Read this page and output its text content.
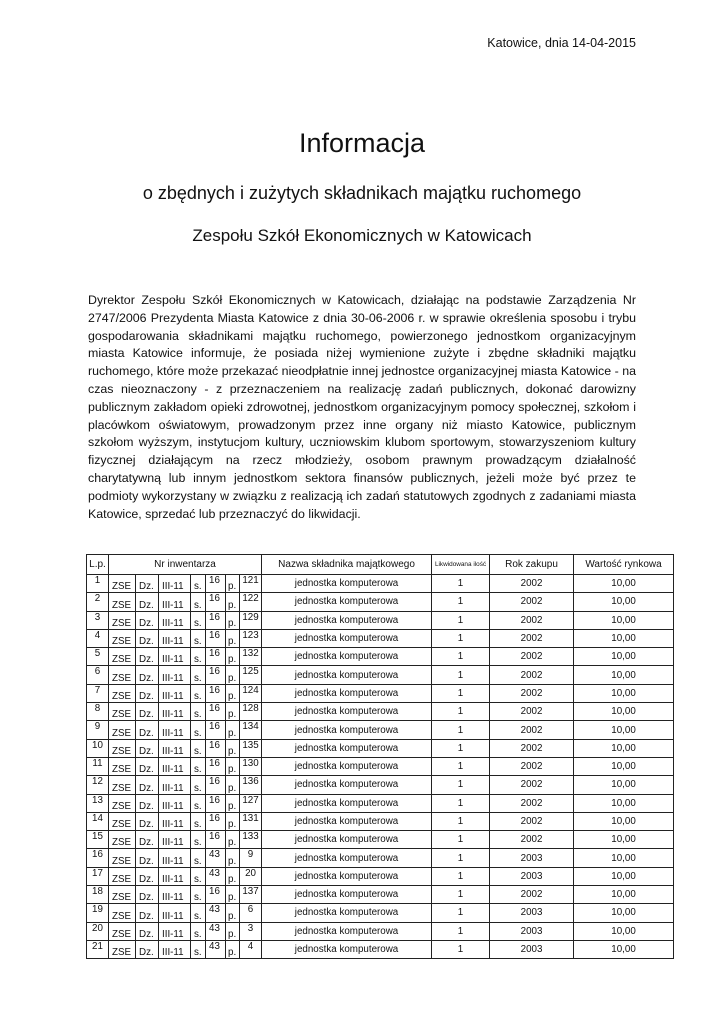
Katowice, dnia 14-04-2015
Informacja
o zbędnych i zużytych składnikach majątku ruchomego
Zespołu Szkół Ekonomicznych w Katowicach
Dyrektor Zespołu Szkół Ekonomicznych w Katowicach, działając na podstawie Zarządzenia Nr 2747/2006 Prezydenta Miasta Katowice z dnia 30-06-2006 r. w sprawie określenia sposobu i trybu gospodarowania składnikami majątku ruchomego, powierzonego jednostkom organizacyjnym miasta Katowice informuje, że posiada niżej wymienione zużyte i zbędne składniki majątku ruchomego, które może przekazać nieodpłatnie innej jednostce organizacyjnej miasta Katowice - na czas nieoznaczony - z przeznaczeniem na realizację zadań publicznych, dokonać darowizny publicznym zakładom opieki zdrowotnej, jednostkom organizacyjnym pomocy społecznej, szkołom i placówkom oświatowym, prowadzonym przez inne organy niż miasto Katowice, publicznym szkołom wyższym, instytucjom kultury, uczniowskim klubom sportowym, stowarzyszeniom kultury fizycznej działającym na rzecz młodzieży, osobom prawnym prowadzącym działalność charytatywną lub innym jednostkom sektora finansów publicznych, jeżeli może być przez te podmioty wykorzystany w związku z realizacją ich zadań statutowych zgodnych z zadaniami miasta Katowice, sprzedać lub przeznaczyć do likwidacji.
L.p.	Nr inwentarza							Nazwa składnika majątkowego	Likwidowana ilość	Rok zakupu	Wartość rynkowa
1	ZSE	Dz.	III-11	s.	16	p.	121	jednostka komputerowa	1	2002	10,00
2	ZSE	Dz.	III-11	s.	16	p.	122	jednostka komputerowa	1	2002	10,00
3	ZSE	Dz.	III-11	s.	16	p.	129	jednostka komputerowa	1	2002	10,00
4	ZSE	Dz.	III-11	s.	16	p.	123	jednostka komputerowa	1	2002	10,00
5	ZSE	Dz.	III-11	s.	16	p.	132	jednostka komputerowa	1	2002	10,00
6	ZSE	Dz.	III-11	s.	16	p.	125	jednostka komputerowa	1	2002	10,00
7	ZSE	Dz.	III-11	s.	16	p.	124	jednostka komputerowa	1	2002	10,00
8	ZSE	Dz.	III-11	s.	16	p.	128	jednostka komputerowa	1	2002	10,00
9	ZSE	Dz.	III-11	s.	16	p.	134	jednostka komputerowa	1	2002	10,00
10	ZSE	Dz.	III-11	s.	16	p.	135	jednostka komputerowa	1	2002	10,00
11	ZSE	Dz.	III-11	s.	16	p.	130	jednostka komputerowa	1	2002	10,00
12	ZSE	Dz.	III-11	s.	16	p.	136	jednostka komputerowa	1	2002	10,00
13	ZSE	Dz.	III-11	s.	16	p.	127	jednostka komputerowa	1	2002	10,00
14	ZSE	Dz.	III-11	s.	16	p.	131	jednostka komputerowa	1	2002	10,00
15	ZSE	Dz.	III-11	s.	16	p.	133	jednostka komputerowa	1	2002	10,00
16	ZSE	Dz.	III-11	s.	43	p.	9	jednostka komputerowa	1	2003	10,00
17	ZSE	Dz.	III-11	s.	43	p.	20	jednostka komputerowa	1	2003	10,00
18	ZSE	Dz.	III-11	s.	16	p.	137	jednostka komputerowa	1	2002	10,00
19	ZSE	Dz.	III-11	s.	43	p.	6	jednostka komputerowa	1	2003	10,00
20	ZSE	Dz.	III-11	s.	43	p.	3	jednostka komputerowa	1	2003	10,00
21	ZSE	Dz.	III-11	s.	43	p.	4	jednostka komputerowa	1	2003	10,00
